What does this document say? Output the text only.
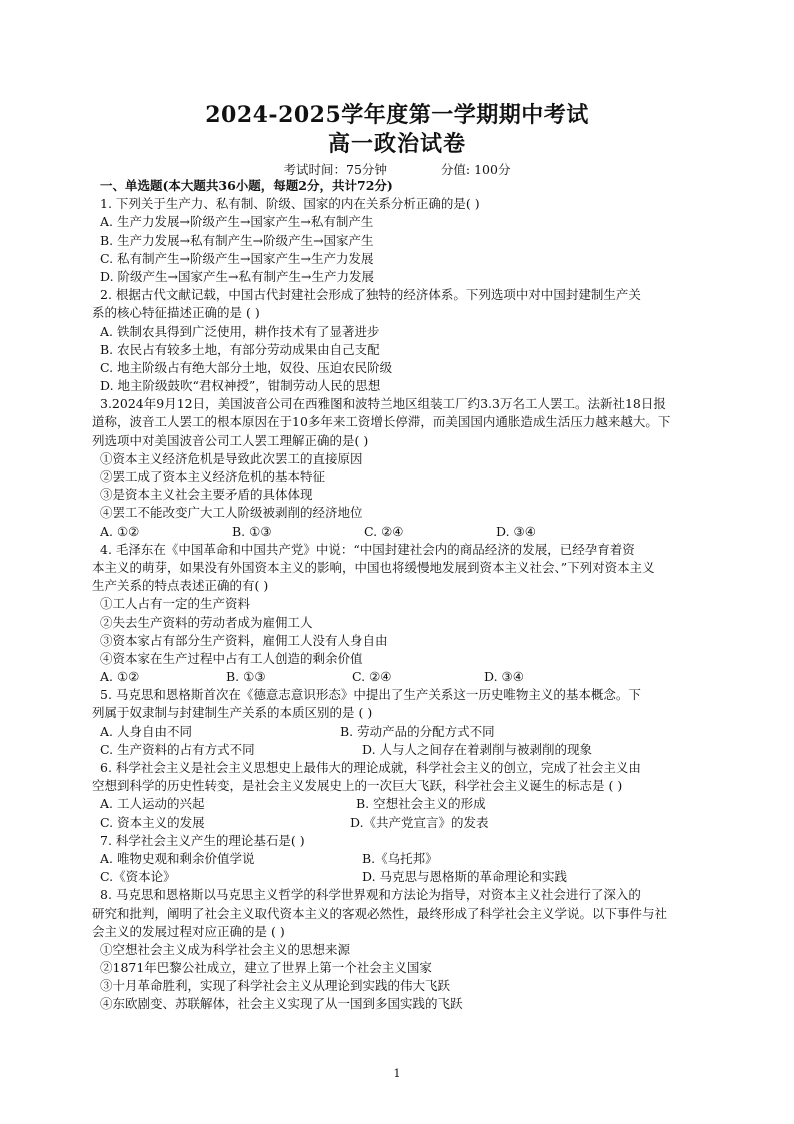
2024-2025学年度第一学期期中考试
高一政治试卷
考试时间：75分钟	分值: 100分
一、单选题(本大题共36小题，每题2分，共计72分)
1. 下列关于生产力、私有制、阶级、国家的内在关系分析正确的是( )
A. 生产力发展→阶级产生→国家产生→私有制产生
B. 生产力发展→私有制产生→阶级产生→国家产生
C. 私有制产生→阶级产生→国家产生→生产力发展
D. 阶级产生→国家产生→私有制产生→生产力发展
2. 根据古代文献记载，中国古代封建社会形成了独特的经济体系。下列选项中对中国封建制生产关
系的核心特征描述正确的是 ( )
A. 铁制农具得到广泛使用，耕作技术有了显著进步
B. 农民占有较多土地，有部分劳动成果由自己支配
C. 地主阶级占有绝大部分土地，奴役、压迫农民阶级
D. 地主阶级鼓吹“君权神授”，钳制劳动人民的思想
3.2024年9月12日，美国波音公司在西雅图和波特兰地区组装工厂约3.3万名工人罢工。法新社18日报
道称，波音工人罢工的根本原因在于10多年来工资增长停滞，而美国国内通胀造成生活压力越来越大。下
列选项中对美国波音公司工人罢工理解正确的是( )
①资本主义经济危机是导致此次罢工的直接原因
②罢工成了资本主义经济危机的基本特征
③是资本主义社会主要矛盾的具体体现
④罢工不能改变广大工人阶级被剥削的经济地位
A. ①②	B. ①③	C. ②④	D. ③④
4. 毛泽东在《中国革命和中国共产党》中说：“中国封建社会内的商品经济的发展，已经孕育着资
本主义的萌芽，如果没有外国资本主义的影响，中国也将缓慢地发展到资本主义社会、”下列对资本主义
生产关系的特点表述正确的有( )
①工人占有一定的生产资料
②失去生产资料的劳动者成为雇佣工人
③资本家占有部分生产资料，雇佣工人没有人身自由
④资本家在生产过程中占有工人创造的剩余价值
A. ①②	B. ①③	C. ②④	D. ③④
5. 马克思和恩格斯首次在《德意志意识形态》中提出了生产关系这一历史唯物主义的基本概念。下
列属于奴隶制与封建制生产关系的本质区别的是 ( )
A. 人身自由不同	B. 劳动产品的分配方式不同
C. 生产资料的占有方式不同	D. 人与人之间存在着剥削与被剥削的现象
6. 科学社会主义是社会主义思想史上最伟大的理论成就，科学社会主义的创立，完成了社会主义由
空想到科学的历史性转变，是社会主义发展史上的一次巨大飞跃，科学社会主义诞生的标志是 ( )
A. 工人运动的兴起	B. 空想社会主义的形成
C. 资本主义的发展	D.《共产党宣言》的发表
7. 科学社会主义产生的理论基石是( )
A. 唯物史观和剩余价值学说	B.《乌托邦》
C.《资本论》	D. 马克思与恩格斯的革命理论和实践
8. 马克思和恩格斯以马克思主义哲学的科学世界观和方法论为指导，对资本主义社会进行了深入的
研究和批判，阐明了社会主义取代资本主义的客观必然性，最终形成了科学社会主义学说。以下事件与社
会主义的发展过程对应正确的是 ( )
①空想社会主义成为科学社会主义的思想来源
②1871年巴黎公社成立，建立了世界上第一个社会主义国家
③十月革命胜利，实现了科学社会主义从理论到实践的伟大飞跃
④东欧剧变、苏联解体，社会主义实现了从一国到多国实践的飞跃
1
